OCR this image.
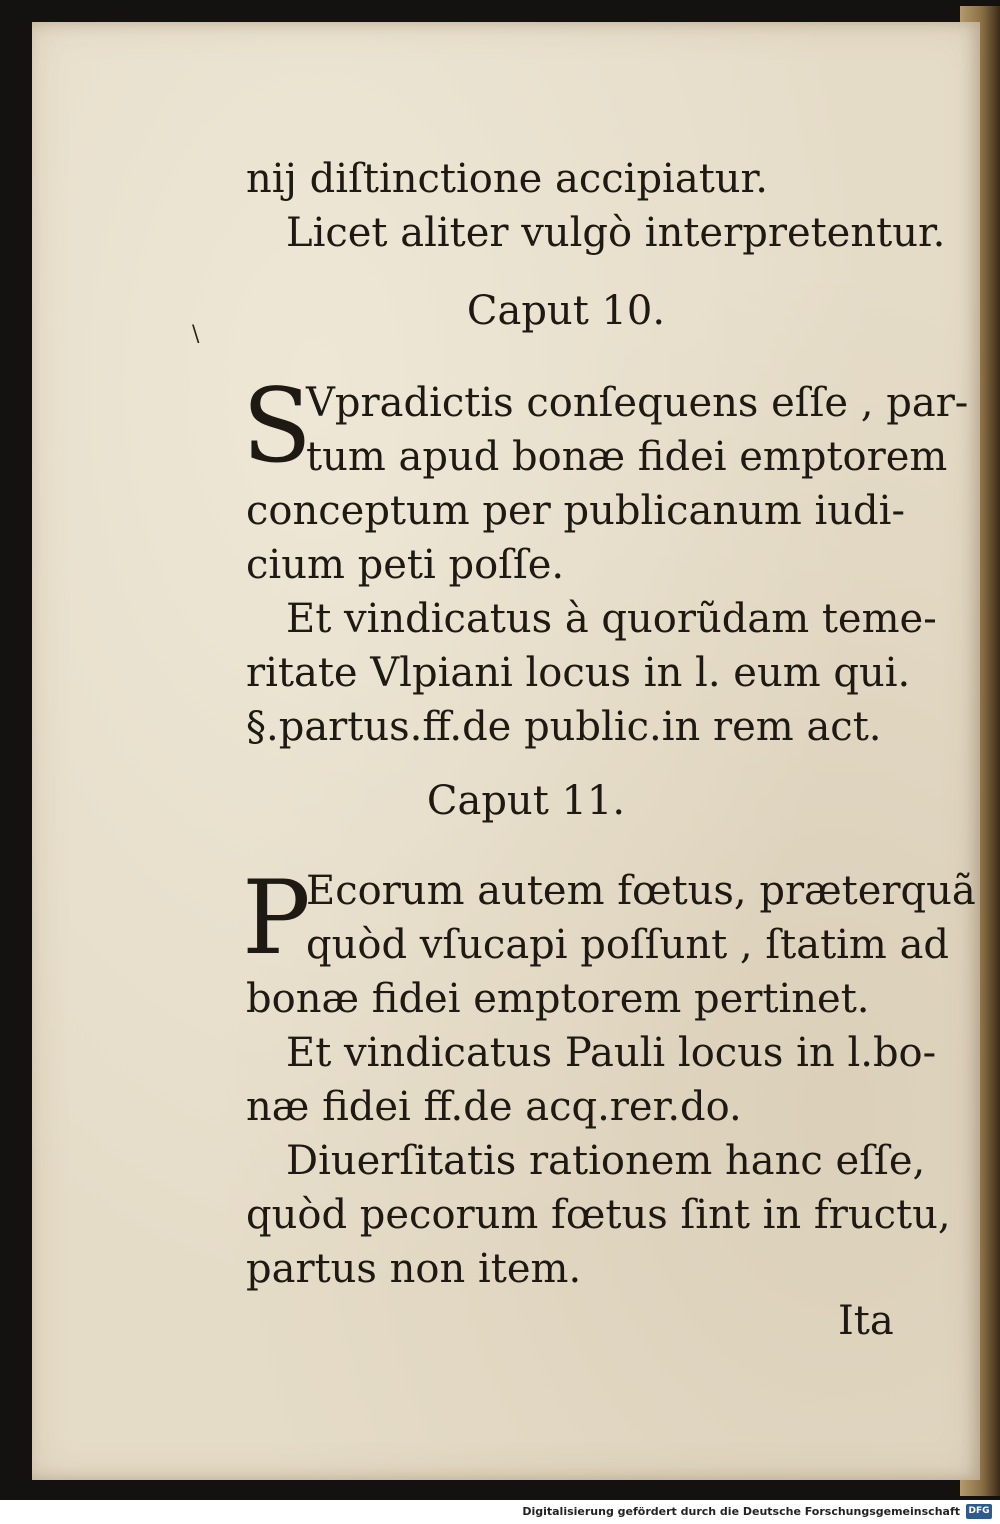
\
nij diſtinctione accipiatur.
Licet aliter vulgò interpretentur.
Caput 10.
S
Vpradictis conſequens eſſe , par-
tum apud bonæ fidei emptorem
conceptum per publicanum iudi-
cium peti poſſe.
Et vindicatus à quorũdam teme-
ritate Vlpiani locus in l. eum qui.
§.partus.ff.de public.in rem act.
Caput 11.
P
Ecorum autem fœtus, præterquã
quòd vſucapi poſſunt , ſtatim ad
bonæ fidei emptorem pertinet.
Et vindicatus Pauli locus in l.bo-
næ fidei ff.de acq.rer.do.
Diuerſitatis rationem hanc eſſe,
quòd pecorum fœtus ſint in fructu,
partus non item.
Ita
Digitalisierung gefördert durch die Deutsche Forschungsgemeinschaft DFG
